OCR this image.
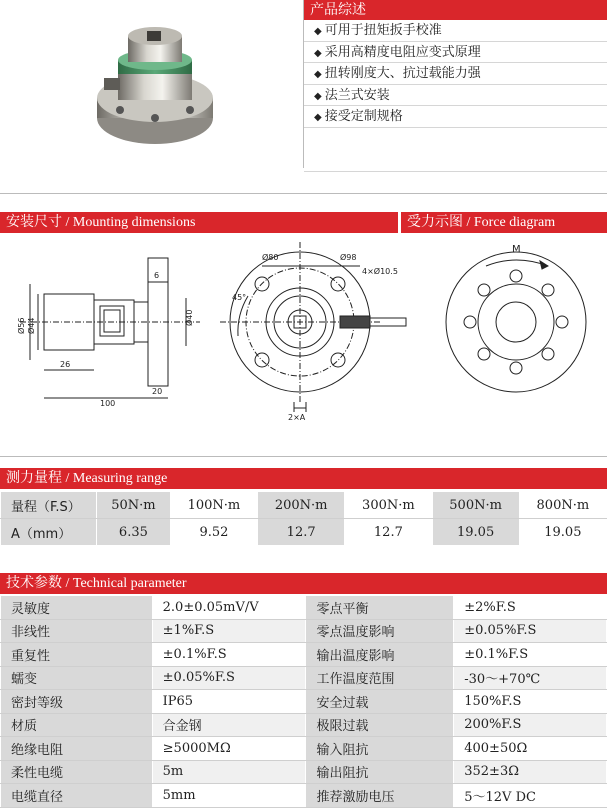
产品综述
◆ 可用于扭矩扳手校准
◆ 采用高精度电阻应变式原理
◆ 扭转刚度大、抗过载能力强
◆ 法兰式安装
◆ 接受定制规格
安装尺寸 / Mounting dimensions	受力示图 / Force diagram
Ø56 Ø44	Ø40
6
26
20
100
Ø80	Ø98
4×Ø10.5
45°
2×A
M
测力量程 / Measuring range
量程（F.S）	50N·m	100N·m	200N·m	300N·m	500N·m	800N·m
A（mm）	6.35	9.52	12.7	12.7	19.05	19.05
技术参数 / Technical parameter
灵敏度	2.0±0.05mV/V	零点平衡	±2%F.S
非线性	±1%F.S	零点温度影响	±0.05%F.S
重复性	±0.1%F.S	输出温度影响	±0.1%F.S
蠕变	±0.05%F.S	工作温度范围	-30～+70℃
密封等级	IP65	安全过载	150%F.S
材质	合金钢	极限过载	200%F.S
绝缘电阻	≥5000MΩ	输入阻抗	400±50Ω
柔性电缆	5m	输出阻抗	352±3Ω
电缆直径	5mm	推荐激励电压	5～12V DC
